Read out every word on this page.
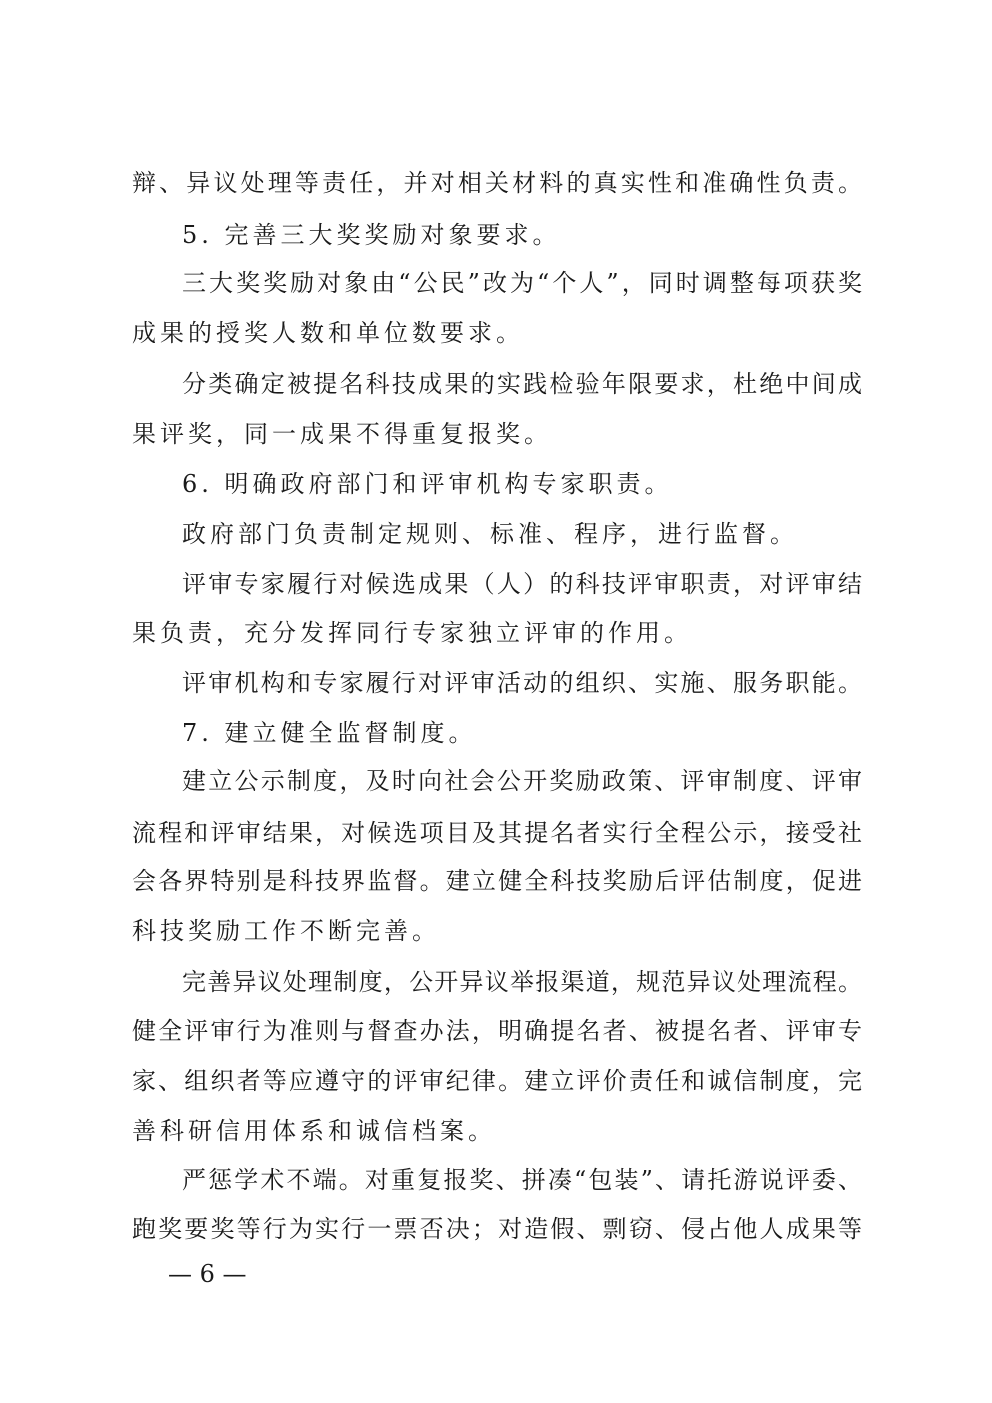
辩、异议处理等责任，并对相关材料的真实性和准确性负责。
5. 完善三大奖奖励对象要求。
三大奖奖励对象由“公民”改为“个人”，同时调整每项获奖
成果的授奖人数和单位数要求。
分类确定被提名科技成果的实践检验年限要求，杜绝中间成
果评奖，同一成果不得重复报奖。
6. 明确政府部门和评审机构专家职责。
政府部门负责制定规则、标准、程序，进行监督。
评审专家履行对候选成果（人）的科技评审职责，对评审结
果负责，充分发挥同行专家独立评审的作用。
评审机构和专家履行对评审活动的组织、实施、服务职能。
7. 建立健全监督制度。
建立公示制度，及时向社会公开奖励政策、评审制度、评审
流程和评审结果，对候选项目及其提名者实行全程公示，接受社
会各界特别是科技界监督。建立健全科技奖励后评估制度，促进
科技奖励工作不断完善。
完善异议处理制度，公开异议举报渠道，规范异议处理流程。
健全评审行为准则与督查办法，明确提名者、被提名者、评审专
家、组织者等应遵守的评审纪律。建立评价责任和诚信制度，完
善科研信用体系和诚信档案。
严惩学术不端。对重复报奖、拼凑“包装”、请托游说评委、
跑奖要奖等行为实行一票否决；对造假、剽窃、侵占他人成果等
— 6 —
